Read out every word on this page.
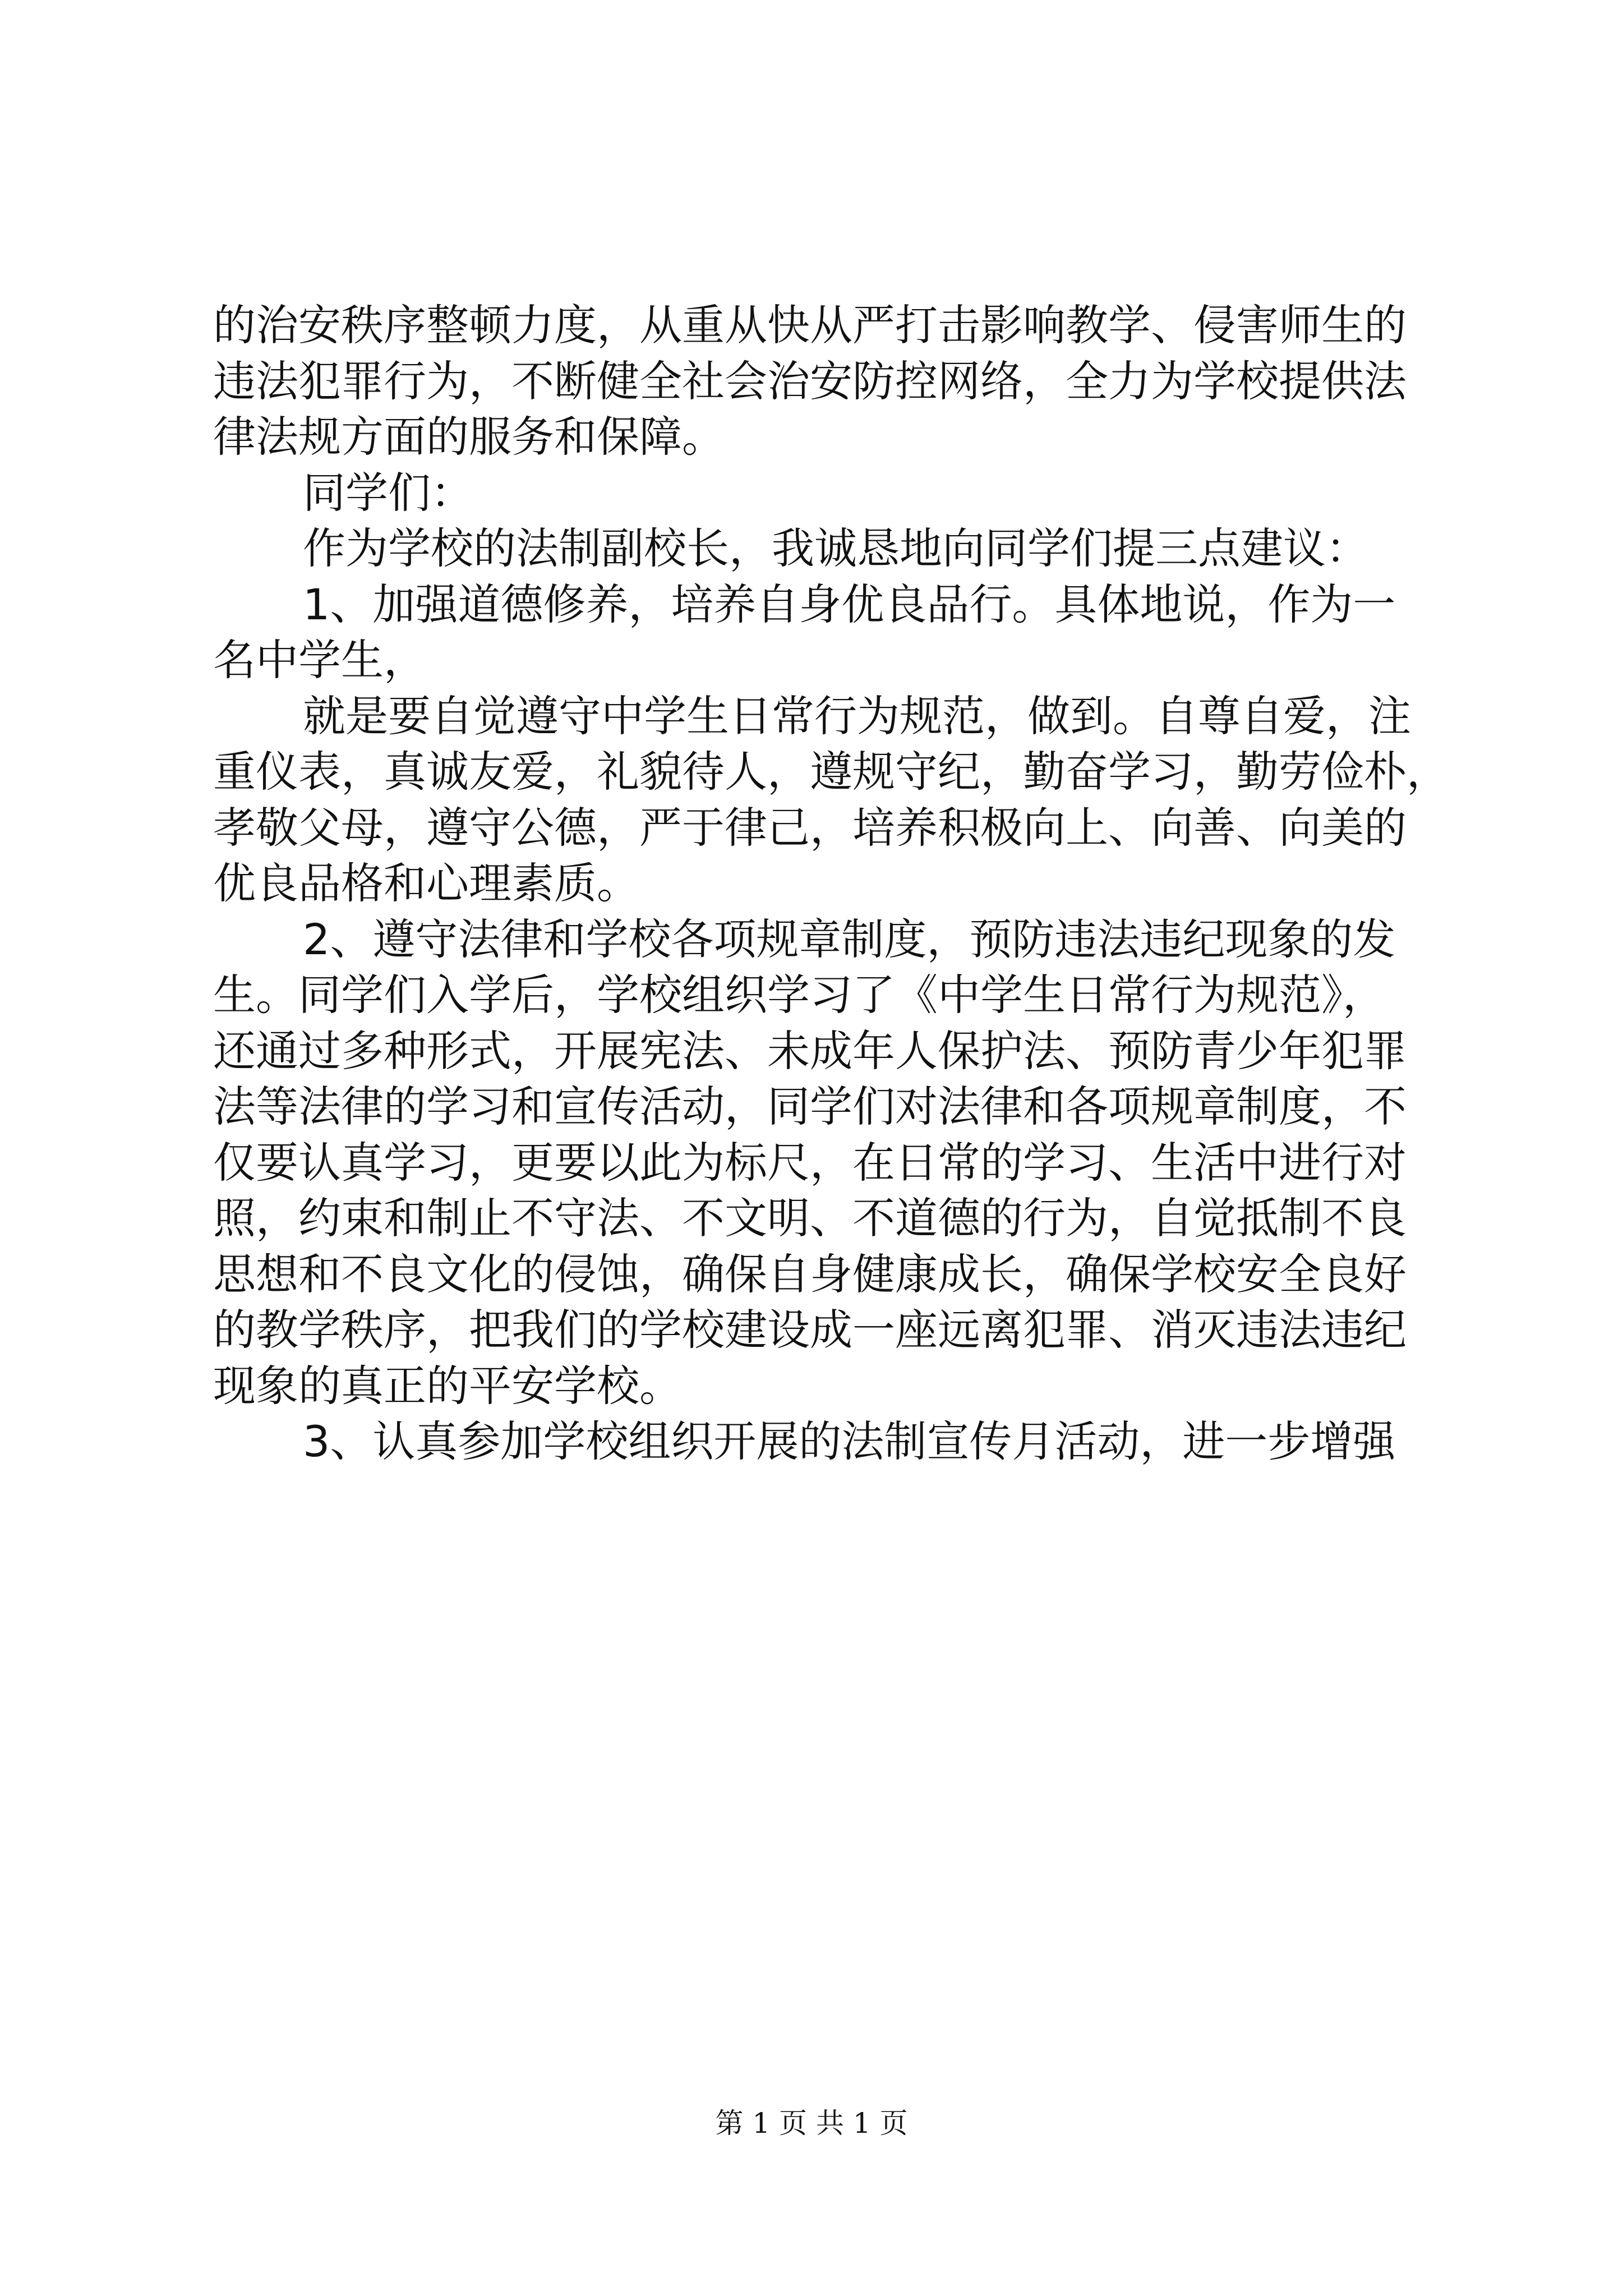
的治安秩序整顿力度，从重从快从严打击影响教学、侵害师生的
违法犯罪行为，不断健全社会治安防控网络，全力为学校提供法
律法规方面的服务和保障。
同学们：
作为学校的法制副校长，我诚恳地向同学们提三点建议：
1、加强道德修养，培养自身优良品行。具体地说，作为一
名中学生，
就是要自觉遵守中学生日常行为规范，做到。自尊自爱，注
重仪表，真诚友爱，礼貌待人，遵规守纪，勤奋学习，勤劳俭朴，
孝敬父母，遵守公德，严于律己，培养积极向上、向善、向美的
优良品格和心理素质。
2、遵守法律和学校各项规章制度，预防违法违纪现象的发
生。同学们入学后，学校组织学习了《中学生日常行为规范》，
还通过多种形式，开展宪法、未成年人保护法、预防青少年犯罪
法等法律的学习和宣传活动，同学们对法律和各项规章制度，不
仅要认真学习，更要以此为标尺，在日常的学习、生活中进行对
照，约束和制止不守法、不文明、不道德的行为，自觉抵制不良
思想和不良文化的侵蚀，确保自身健康成长，确保学校安全良好
的教学秩序，把我们的学校建设成一座远离犯罪、消灭违法违纪
现象的真正的平安学校。
3、认真参加学校组织开展的法制宣传月活动，进一步增强
第 1 页 共 1 页
